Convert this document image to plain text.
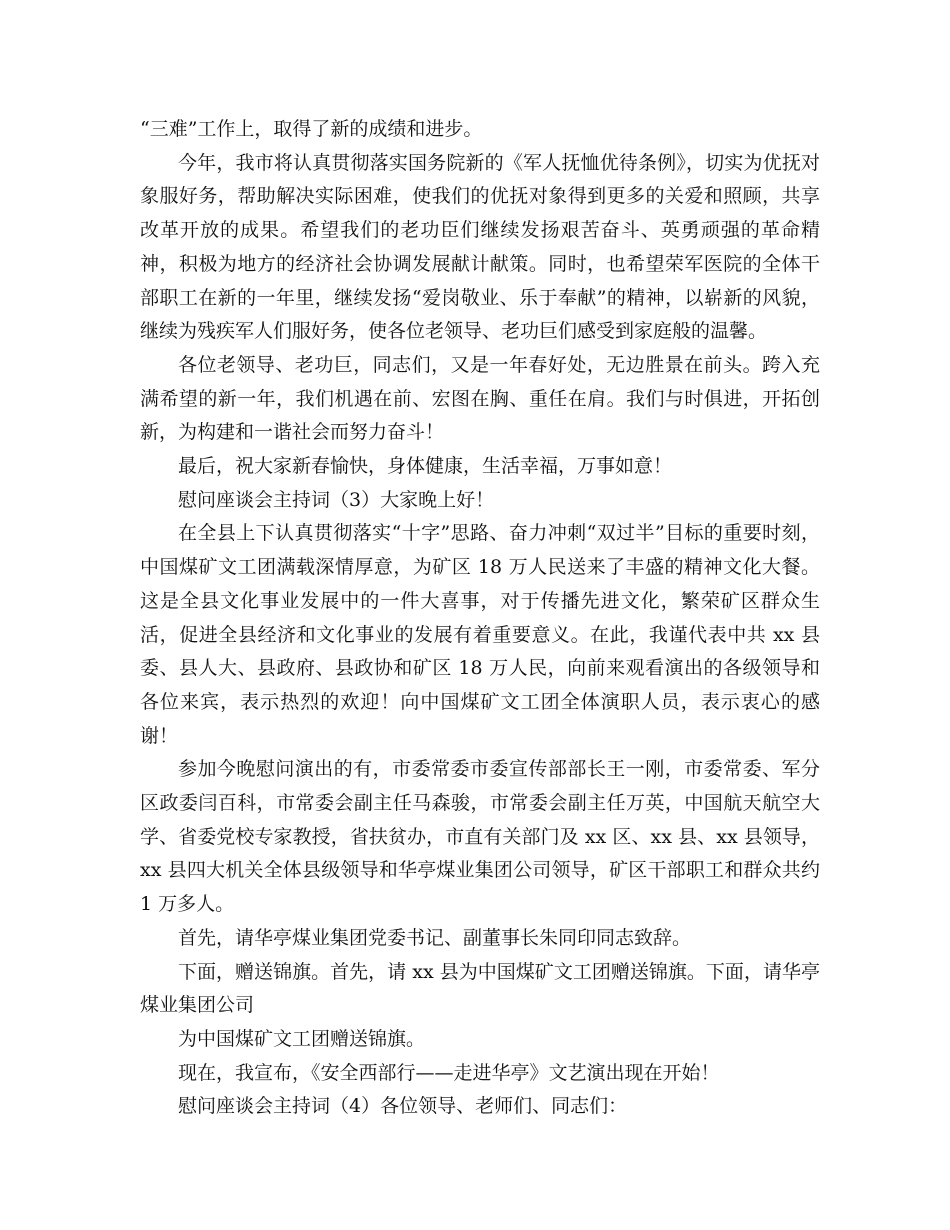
“三难”工作上，取得了新的成绩和进步。

今年，我市将认真贯彻落实国务院新的《军人抚恤优待条例》，切实为优抚对象服好务，帮助解决实际困难，使我们的优抚对象得到更多的关爱和照顾，共享改革开放的成果。希望我们的老功臣们继续发扬艰苦奋斗、英勇顽强的革命精神，积极为地方的经济社会协调发展献计献策。同时，也希望荣军医院的全体干部职工在新的一年里，继续发扬“爱岗敬业、乐于奉献”的精神，以崭新的风貌，继续为残疾军人们服好务，使各位老领导、老功巨们感受到家庭般的温馨。

各位老领导、老功巨，同志们，又是一年春好处，无边胜景在前头。跨入充满希望的新一年，我们机遇在前、宏图在胸、重任在肩。我们与时俱进，开拓创新，为构建和一谐社会而努力奋斗！

最后，祝大家新春愉快，身体健康，生活幸福，万事如意！

慰问座谈会主持词（3）大家晚上好！

在全县上下认真贯彻落实“十字”思路、奋力冲刺“双过半”目标的重要时刻，中国煤矿文工团满载深情厚意，为矿区 18 万人民送来了丰盛的精神文化大餐。这是全县文化事业发展中的一件大喜事，对于传播先进文化，繁荣矿区群众生活，促进全县经济和文化事业的发展有着重要意义。在此，我谨代表中共 xx 县委、县人大、县政府、县政协和矿区 18 万人民，向前来观看演出的各级领导和各位来宾，表示热烈的欢迎！向中国煤矿文工团全体演职人员，表示衷心的感谢！

参加今晚慰问演出的有，市委常委市委宣传部部长王一刚，市委常委、军分区政委闫百科，市常委会副主任马森骏，市常委会副主任万英，中国航天航空大学、省委党校专家教授，省扶贫办，市直有关部门及 xx 区、xx 县、xx 县领导，xx 县四大机关全体县级领导和华亭煤业集团公司领导，矿区干部职工和群众共约 1 万多人。

首先，请华亭煤业集团党委书记、副董事长朱同印同志致辞。

下面，赠送锦旗。首先，请 xx 县为中国煤矿文工团赠送锦旗。下面，请华亭煤业集团公司

为中国煤矿文工团赠送锦旗。

现在，我宣布，《安全西部行——走进华亭》文艺演出现在开始！

慰问座谈会主持词（4）各位领导、老师们、同志们：
